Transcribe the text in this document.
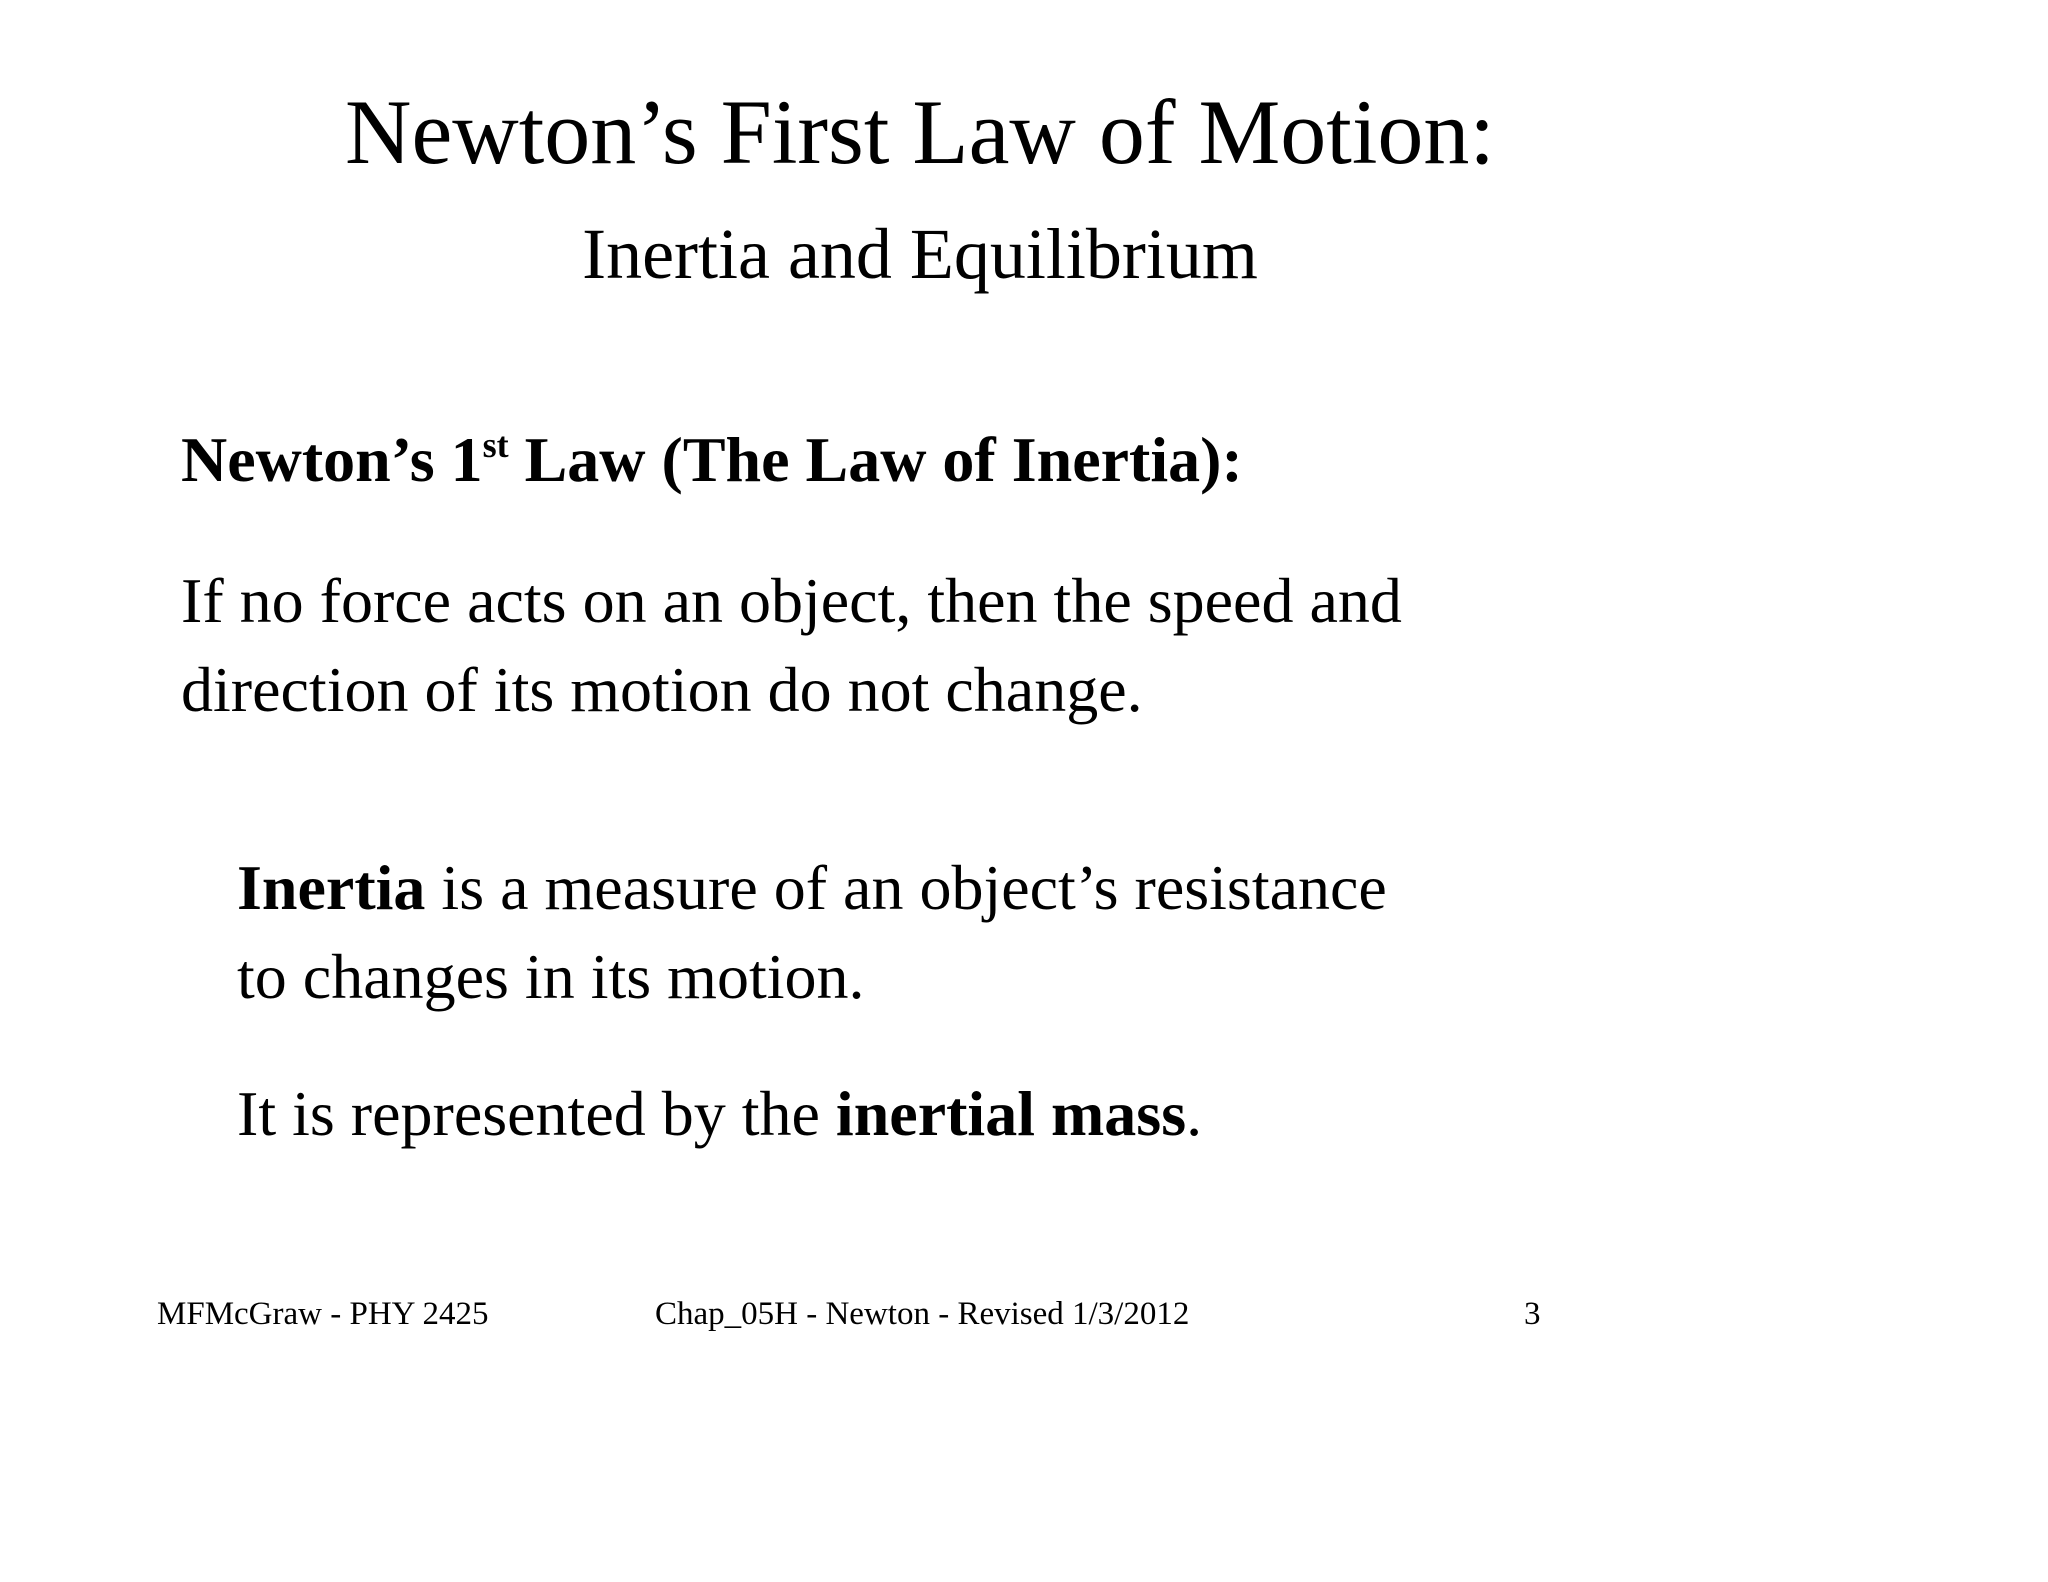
Newton’s First Law of Motion:
Inertia and Equilibrium
Newton’s 1st Law (The Law of Inertia):
If no force acts on an object, then the speed and
direction of its motion do not change.
Inertia is a measure of an object’s resistance
to changes in its motion.
It is represented by the inertial mass.
MFMcGraw - PHY 2425	Chap_05H - Newton - Revised 1/3/2012	3
